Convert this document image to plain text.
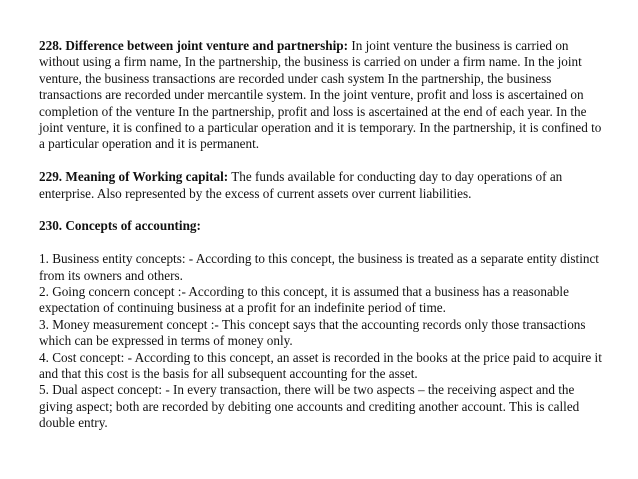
228. Difference between joint venture and partnership: In joint venture the business is carried on without using a firm name, In the partnership, the business is carried on under a firm name. In the joint venture, the business transactions are recorded under cash system In the partnership, the business transactions are recorded under mercantile system. In the joint venture, profit and loss is ascertained on completion of the venture In the partnership, profit and loss is ascertained at the end of each year. In the joint venture, it is confined to a particular operation and it is temporary. In the partnership, it is confined to a particular operation and it is permanent.

229. Meaning of Working capital: The funds available for conducting day to day operations of an enterprise. Also represented by the excess of current assets over current liabilities.

230. Concepts of accounting:

1. Business entity concepts: - According to this concept, the business is treated as a separate entity distinct from its owners and others.

2. Going concern concept :- According to this concept, it is assumed that a business has a reasonable expectation of continuing business at a profit for an indefinite period of time.

3. Money measurement concept :- This concept says that the accounting records only those transactions which can be expressed in terms of money only.

4. Cost concept: - According to this concept, an asset is recorded in the books at the price paid to acquire it and that this cost is the basis for all subsequent accounting for the asset.

5. Dual aspect concept: - In every transaction, there will be two aspects – the receiving aspect and the giving aspect; both are recorded by debiting one accounts and crediting another account. This is called double entry.
